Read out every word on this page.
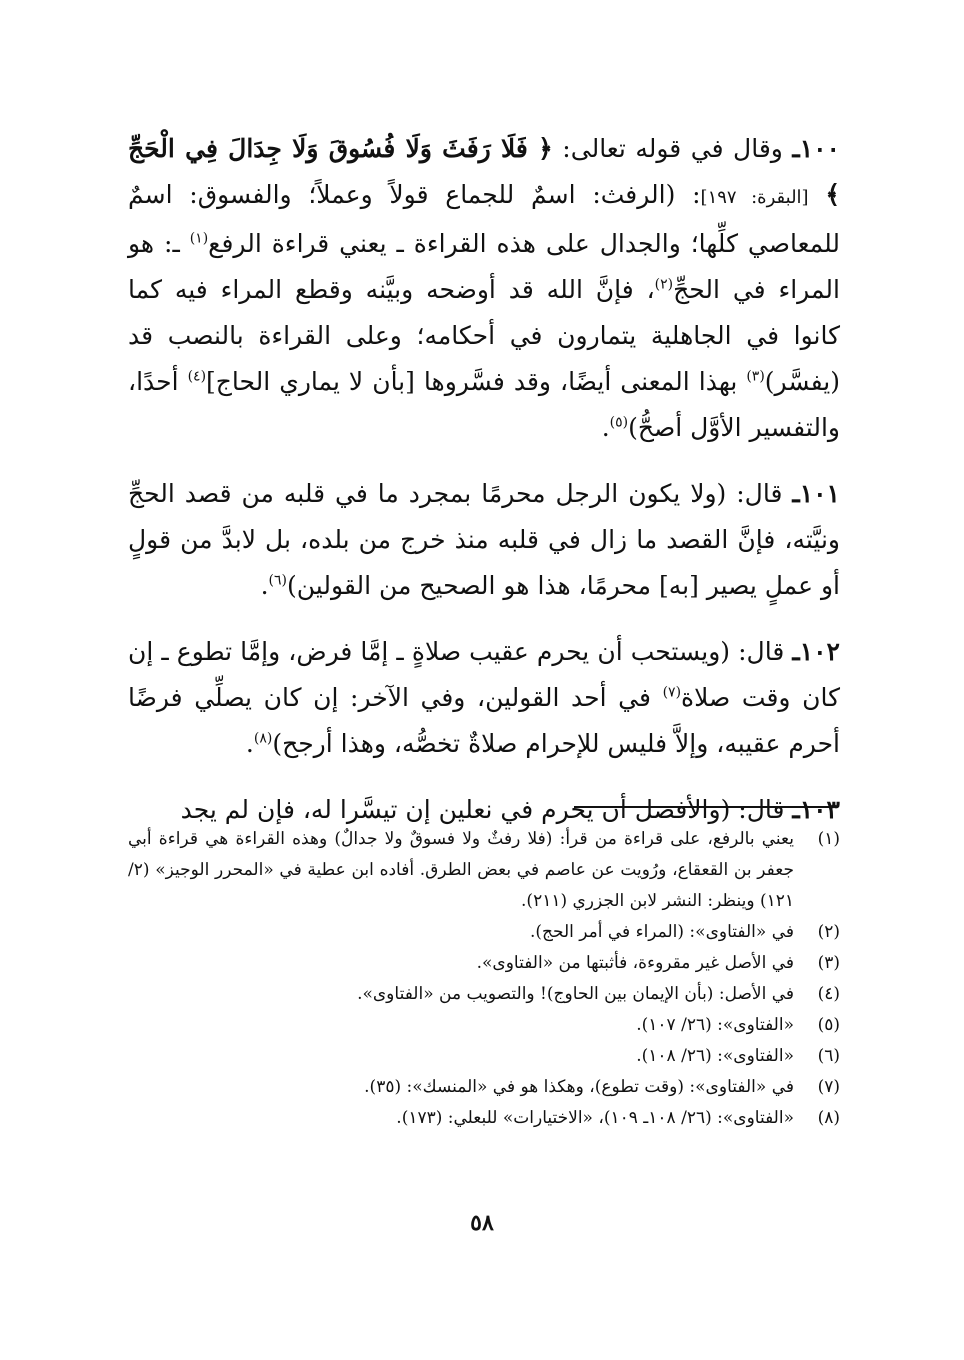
١٠٠ـ وقال في قوله تعالى: ﴿ فَلَا رَفَثَ وَلَا فُسُوقَ وَلَا جِدَالَ فِي الْحَجِّ ﴾ [البقرة: ١٩٧]: (الرفث: اسمٌ للجماع قولاً وعملاً؛ والفسوق: اسمٌ للمعاصي كلِّها؛ والجدال على هذه القراءة ـ يعني قراءة الرفع$^{(١)}$ ـ: هو المراء في الحجِّ$^{(٢)}$، فإنَّ الله قد أوضحه وبيَّنه وقطع المراء فيه كما كانوا في الجاهلية يتمارون في أحكامه؛ وعلى القراءة بالنصب قد (يفسَّر)$^{(٣)}$ بهذا المعنى أيضًا، وقد فسَّروها [بأن لا يماري الحاج]$^{(٤)}$ أحدًا، والتفسير الأوَّل أصحُّ)$^{(٥)}$.

١٠١ـ قال: (ولا يكون الرجل محرمًا بمجرد ما في قلبه من قصد الحجِّ ونيَّته، فإنَّ القصد ما زال في قلبه منذ خرج من بلده، بل لابدَّ من قولٍ أو عملٍ يصير [به] محرمًا، هذا هو الصحيح من القولين)$^{(٦)}$.

١٠٢ـ قال: (ويستحب أن يحرم عقيب صلاةٍ ـ إمَّا فرض، وإمَّا تطوع ـ إن كان وقت صلاة$^{(٧)}$ في أحد القولين، وفي الآخر: إن كان يصلِّي فرضًا أحرم عقيبه، وإلاَّ فليس للإحرام صلاةٌ تخصُّه، وهذا أرجح)$^{(٨)}$.

١٠٣ـ قال: (والأفضل أن يحرم في نعلين إن تيسَّرا له، فإن لم يجد

(١)
يعني بالرفع، على قراءة من قرأ: (فلا رفثٌ ولا فسوقٌ ولا جدالٌ) وهذه القراءة هي قراءة أبي جعفر بن القعقاع، ورُويت عن عاصم في بعض الطرق. أفاده ابن عطية في «المحرر الوجيز» (٢/ ١٢١) وينظر: النشر لابن الجزري (٢١١).
(٢)
في «الفتاوى»: (المراء في أمر الحج).
(٣)
في الأصل غير مقروءة، فأثبتها من «الفتاوى».
(٤)
في الأصل: (بأن الإيمان بين الحاوج)! والتصويب من «الفتاوى».
(٥)
«الفتاوى»: (٢٦/ ١٠٧).
(٦)
«الفتاوى»: (٢٦/ ١٠٨).
(٧)
في «الفتاوى»: (وقت تطوع)، وهكذا هو في «المنسك»: (٣٥).
(٨)
«الفتاوى»: (٢٦/ ١٠٨ـ ١٠٩)، «الاختيارات» للبعلي: (١٧٣).
٥٨
